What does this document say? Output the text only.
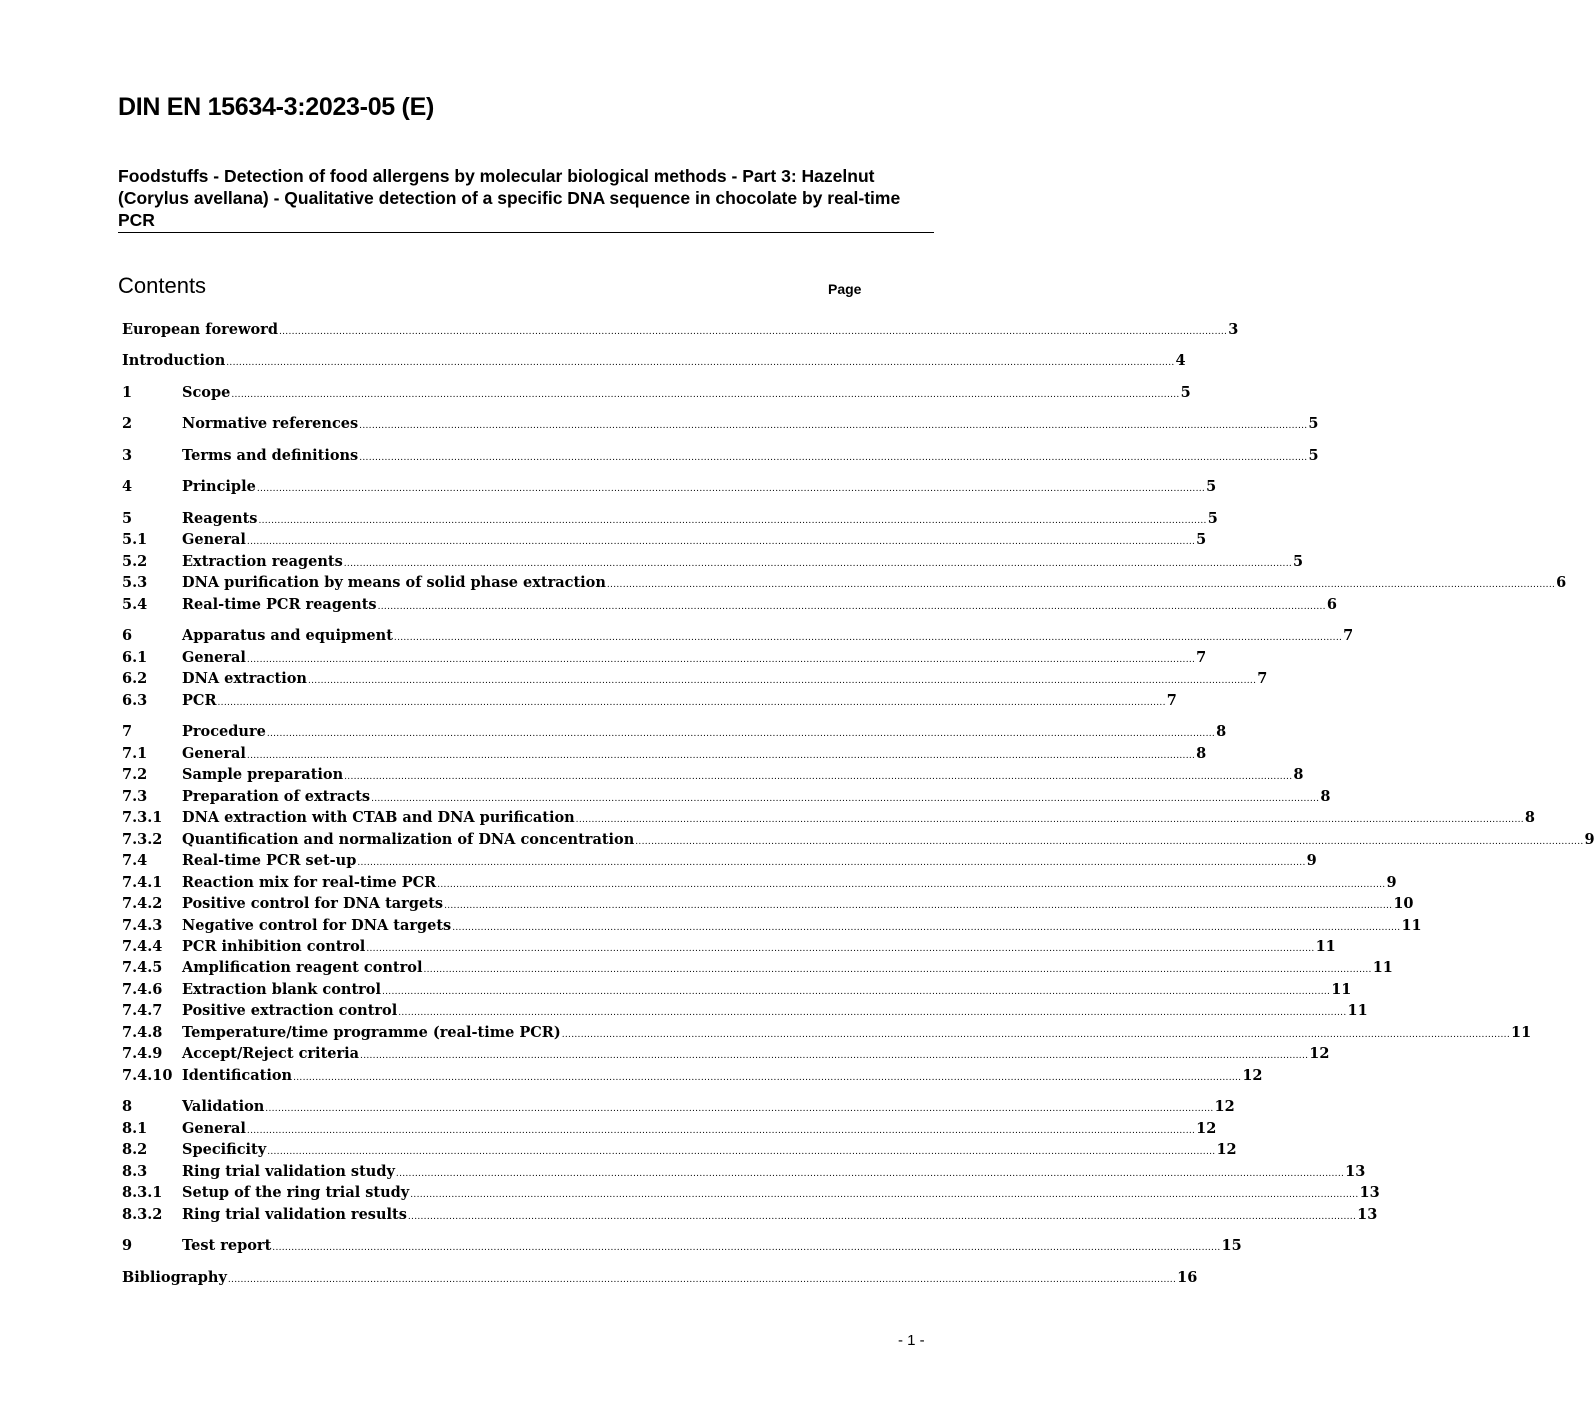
DIN EN 15634-3:2023-05 (E)
Foodstuffs - Detection of food allergens by molecular biological methods - Part 3: Hazelnut (Corylus avellana) - Qualitative detection of a specific DNA sequence in chocolate by real-time PCR
Contents	Page
European foreword ............................................................................................................................................................................................................................................................................................................ 3
Introduction ............................................................................................................................................................................................................................................................................................................ 4
1	Scope ............................................................................................................................................................................................................................................................................................................ 5
2	Normative references ............................................................................................................................................................................................................................................................................................................ 5
3	Terms and definitions ............................................................................................................................................................................................................................................................................................................ 5
4	Principle ............................................................................................................................................................................................................................................................................................................ 5
5	Reagents ............................................................................................................................................................................................................................................................................................................ 5
5.1	General ............................................................................................................................................................................................................................................................................................................ 5
5.2	Extraction reagents ............................................................................................................................................................................................................................................................................................................ 5
5.3	DNA purification by means of solid phase extraction ............................................................................................................................................................................................................................................................................................................ 6
5.4	Real-time PCR reagents ............................................................................................................................................................................................................................................................................................................ 6
6	Apparatus and equipment ............................................................................................................................................................................................................................................................................................................ 7
6.1	General ............................................................................................................................................................................................................................................................................................................ 7
6.2	DNA extraction ............................................................................................................................................................................................................................................................................................................ 7
6.3	PCR ............................................................................................................................................................................................................................................................................................................ 7
7	Procedure ............................................................................................................................................................................................................................................................................................................ 8
7.1	General ............................................................................................................................................................................................................................................................................................................ 8
7.2	Sample preparation ............................................................................................................................................................................................................................................................................................................ 8
7.3	Preparation of extracts ............................................................................................................................................................................................................................................................................................................ 8
7.3.1	DNA extraction with CTAB and DNA purification ............................................................................................................................................................................................................................................................................................................ 8
7.3.2	Quantification and normalization of DNA concentration ............................................................................................................................................................................................................................................................................................................ 9
7.4	Real-time PCR set-up ............................................................................................................................................................................................................................................................................................................ 9
7.4.1	Reaction mix for real-time PCR ............................................................................................................................................................................................................................................................................................................ 9
7.4.2	Positive control for DNA targets ............................................................................................................................................................................................................................................................................................................ 10
7.4.3	Negative control for DNA targets ............................................................................................................................................................................................................................................................................................................ 11
7.4.4	PCR inhibition control ............................................................................................................................................................................................................................................................................................................ 11
7.4.5	Amplification reagent control ............................................................................................................................................................................................................................................................................................................ 11
7.4.6	Extraction blank control ............................................................................................................................................................................................................................................................................................................ 11
7.4.7	Positive extraction control ............................................................................................................................................................................................................................................................................................................ 11
7.4.8	Temperature/time programme (real-time PCR) ............................................................................................................................................................................................................................................................................................................ 11
7.4.9	Accept/Reject criteria ............................................................................................................................................................................................................................................................................................................ 12
7.4.10 Identification ............................................................................................................................................................................................................................................................................................................ 12
8	Validation ............................................................................................................................................................................................................................................................................................................ 12
8.1	General ............................................................................................................................................................................................................................................................................................................ 12
8.2	Specificity ............................................................................................................................................................................................................................................................................................................ 12
8.3	Ring trial validation study ............................................................................................................................................................................................................................................................................................................ 13
8.3.1	Setup of the ring trial study ............................................................................................................................................................................................................................................................................................................ 13
8.3.2	Ring trial validation results ............................................................................................................................................................................................................................................................................................................ 13
9	Test report ............................................................................................................................................................................................................................................................................................................ 15
Bibliography ............................................................................................................................................................................................................................................................................................................ 16
- 1 -
